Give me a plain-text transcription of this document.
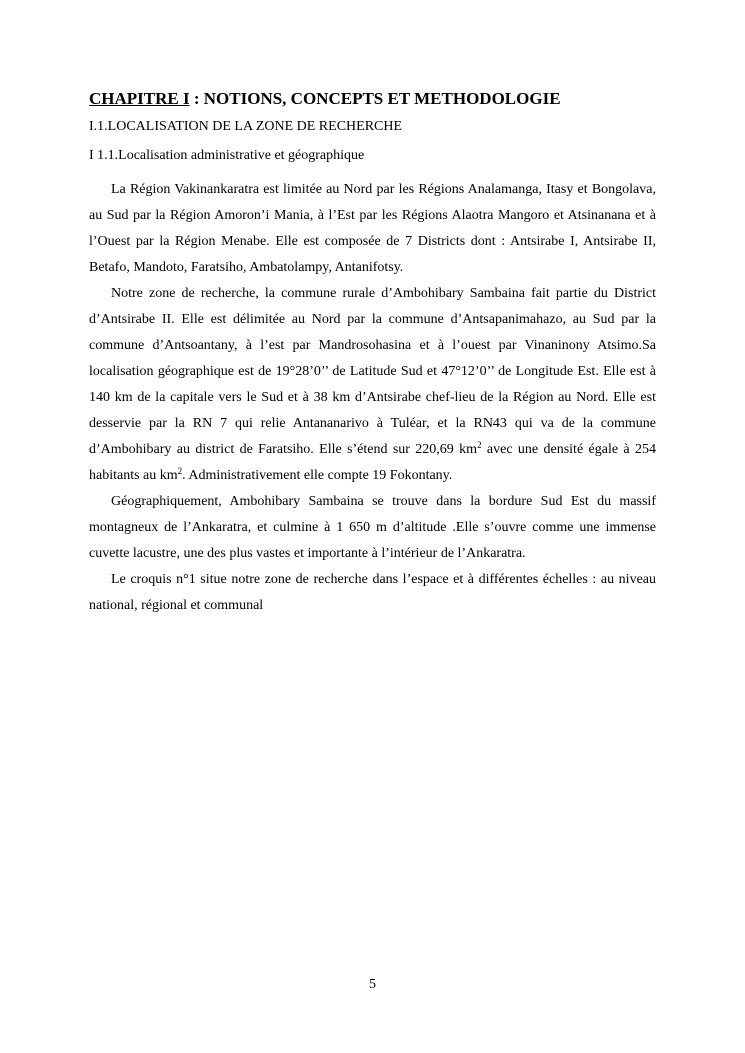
CHAPITRE I : NOTIONS, CONCEPTS ET METHODOLOGIE
I.1.LOCALISATION DE LA ZONE DE RECHERCHE
I 1.1.Localisation administrative et géographique

La Région Vakinankaratra est limitée au Nord par les Régions Analamanga, Itasy et Bongolava, au Sud par la Région Amoron’i Mania, à l’Est par les Régions Alaotra Mangoro et Atsinanana et à l’Ouest par la Région Menabe. Elle est composée de 7 Districts dont : Antsirabe I, Antsirabe II, Betafo, Mandoto, Faratsiho, Ambatolampy, Antanifotsy.

Notre zone de recherche, la commune rurale d’Ambohibary Sambaina fait partie du District d’Antsirabe II. Elle est délimitée au Nord par la commune d’Antsapanimahazo, au Sud par la commune d’Antsoantany, à l’est par Mandrosohasina et à l’ouest par Vinaninony Atsimo.Sa localisation géographique est de 19°28’0’’ de Latitude Sud et 47°12’0’’ de Longitude Est. Elle est à 140 km de la capitale vers le Sud et à 38 km d’Antsirabe chef-lieu de la Région au Nord. Elle est desservie par la RN 7 qui relie Antananarivo à Tuléar, et la RN43 qui va de la commune d’Ambohibary au district de Faratsiho. Elle s’étend sur 220,69 $km^2$ avec une densité égale à 254 habitants au $km^2$. Administrativement elle compte 19 Fokontany.

Géographiquement, Ambohibary Sambaina se trouve dans la bordure Sud Est du massif montagneux de l’Ankaratra, et culmine à 1 650 m d’altitude .Elle s’ouvre comme une immense cuvette lacustre, une des plus vastes et importante à l’intérieur de l’Ankaratra.

Le croquis n°1 situe notre zone de recherche dans l’espace et à différentes échelles : au niveau national, régional et communal

5
